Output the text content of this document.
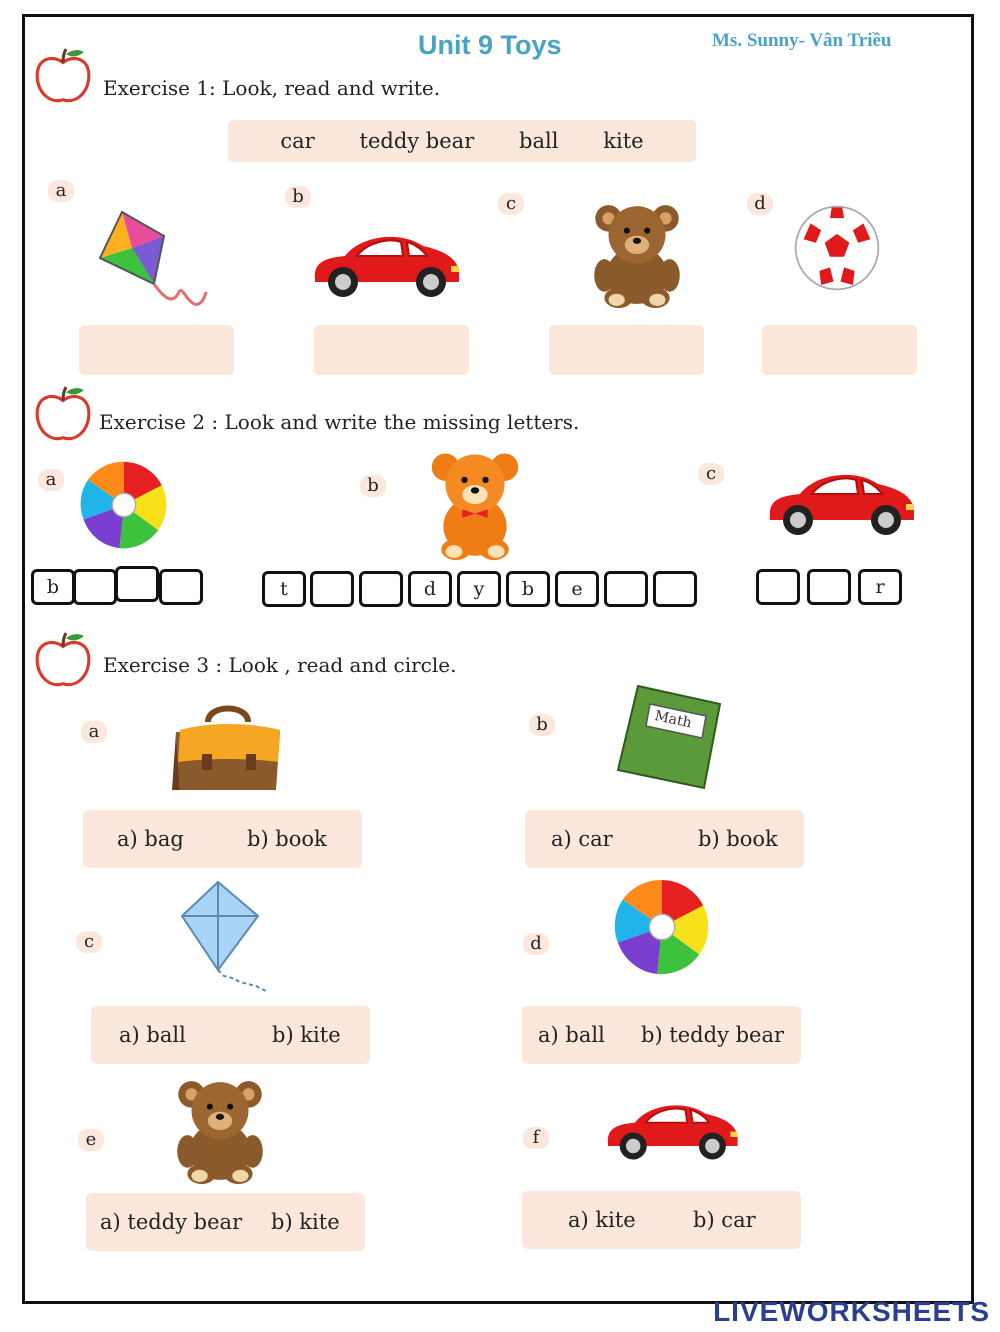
Unit 9 Toys	Ms. Sunny- Vân Triều
Exercise 1: Look, read and write.
car teddy bear ball kite
a	b	c	d
Exercise 2 : Look and write the missing letters.
a	b
c
b	t	d	y	b	e	r
Exercise 3 : Look , read and circle.
a
a) bag	b) book
b	Math
a) car	b) book
c
a) ball	b) kite
d
a) ball b) teddy bear
e
a) teddy bear b) kite
f
a) kite	b) car
LIVEWORKSHEETS
